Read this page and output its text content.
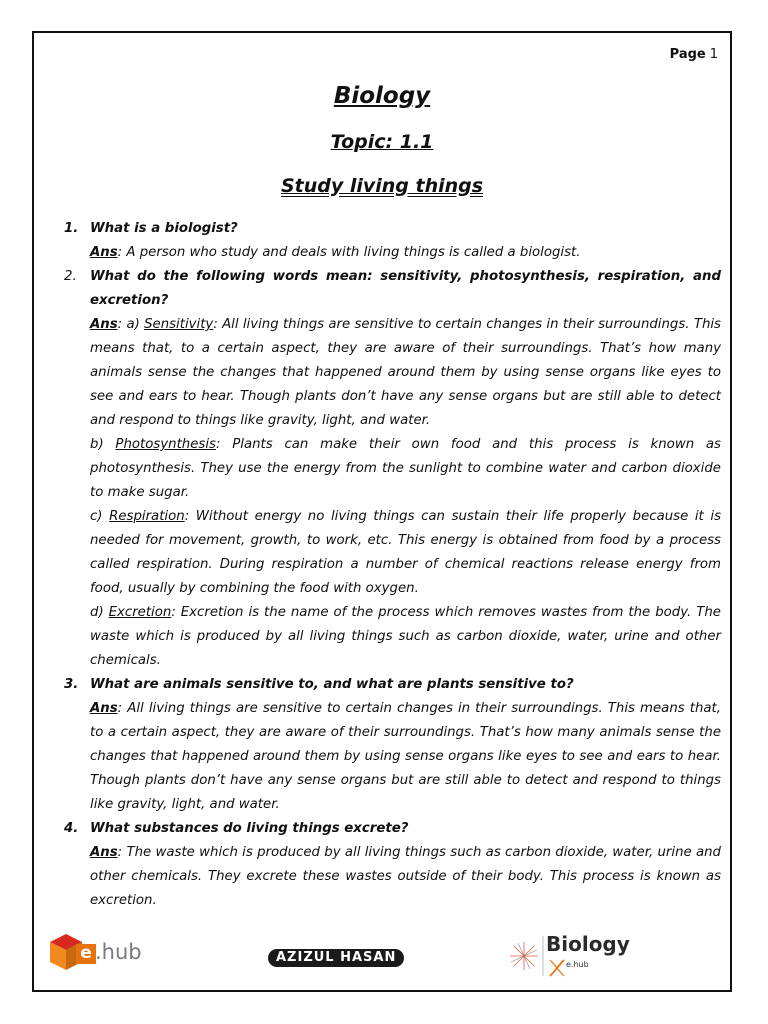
Page 1
Biology
Topic: 1.1
Study living things
1. What is a biologist?
Ans: A person who study and deals with living things is called a biologist.
2.	What do the following words mean: sensitivity, photosynthesis, respiration, and excretion?
Ans: a) Sensitivity: All living things are sensitive to certain changes in their surroundings. This means that, to a certain aspect, they are aware of their surroundings. That’s how many animals sense the changes that happened around them by using sense organs like eyes to see and ears to hear. Though plants don’t have any sense organs but are still able to detect and respond to things like gravity, light, and water.
b) Photosynthesis: Plants can make their own food and this process is known as photosynthesis. They use the energy from the sunlight to combine water and carbon dioxide to make sugar.
c) Respiration: Without energy no living things can sustain their life properly because it is needed for movement, growth, to work, etc. This energy is obtained from food by a process called respiration. During respiration a number of chemical reactions release energy from food, usually by combining the food with oxygen.
d) Excretion: Excretion is the name of the process which removes wastes from the body. The waste which is produced by all living things such as carbon dioxide, water, urine and other chemicals.
3. What are animals sensitive to, and what are plants sensitive to?
Ans: All living things are sensitive to certain changes in their surroundings. This means that, to a certain aspect, they are aware of their surroundings. That’s how many animals sense the changes that happened around them by using sense organs like eyes to see and ears to hear. Though plants don’t have any sense organs but are still able to detect and respond to things like gravity, light, and water.
4. What substances do living things excrete?
Ans: The waste which is produced by all living things such as carbon dioxide, water, urine and other chemicals. They excrete these wastes outside of their body. This process is known as excretion.
e .hub	AZIZUL HASAN
Biology
e.hub
